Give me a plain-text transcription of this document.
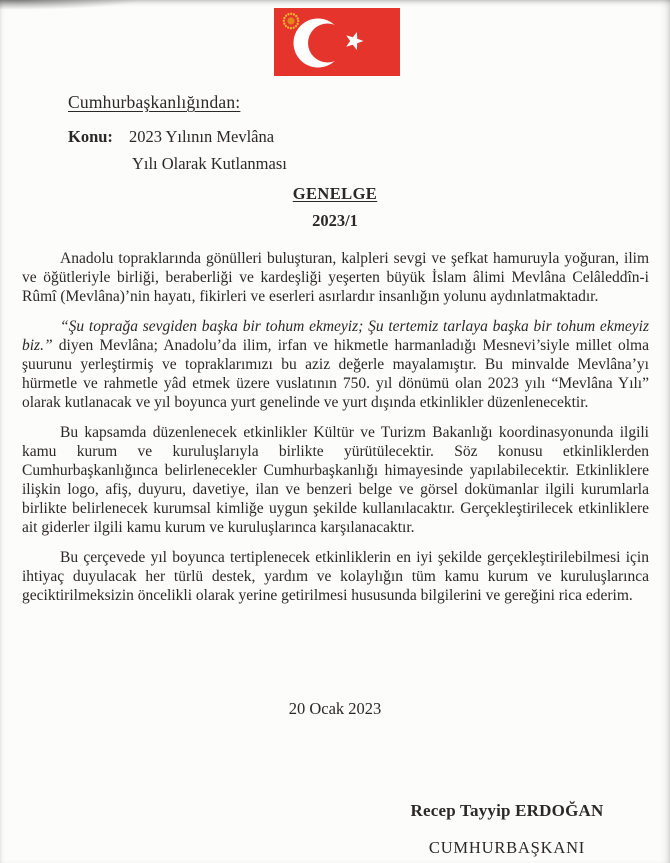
Cumhurbaşkanlığından:
Konu: 2023 Yılının Mevlâna
Yılı Olarak Kutlanması
GENELGE
2023/1

Anadolu topraklarında gönülleri buluşturan, kalpleri sevgi ve şefkat hamuruyla yoğuran, ilim ve öğütleriyle birliği, beraberliği ve kardeşliği yeşerten büyük İslam âlimi Mevlâna Celâleddîn-i Rûmî (Mevlâna)’nin hayatı, fikirleri ve eserleri asırlardır insanlığın yolunu aydınlatmaktadır.

“Şu toprağa sevgiden başka bir tohum ekmeyiz; Şu tertemiz tarlaya başka bir tohum ekmeyiz biz.” diyen Mevlâna; Anadolu’da ilim, irfan ve hikmetle harmanladığı Mesnevi’siyle millet olma şuurunu yerleştirmiş ve topraklarımızı bu aziz değerle mayalamıştır. Bu minvalde Mevlâna’yı hürmetle ve rahmetle yâd etmek üzere vuslatının 750. yıl dönümü olan 2023 yılı “Mevlâna Yılı” olarak kutlanacak ve yıl boyunca yurt genelinde ve yurt dışında etkinlikler düzenlenecektir.

Bu kapsamda düzenlenecek etkinlikler Kültür ve Turizm Bakanlığı koordinasyonunda ilgili kamu kurum ve kuruluşlarıyla birlikte yürütülecektir. Söz konusu etkinliklerden Cumhurbaşkanlığınca belirlenecekler Cumhurbaşkanlığı himayesinde yapılabilecektir. Etkinliklere ilişkin logo, afiş, duyuru, davetiye, ilan ve benzeri belge ve görsel dokümanlar ilgili kurumlarla birlikte belirlenecek kurumsal kimliğe uygun şekilde kullanılacaktır. Gerçekleştirilecek etkinliklere ait giderler ilgili kamu kurum ve kuruluşlarınca karşılanacaktır.

Bu çerçevede yıl boyunca tertiplenecek etkinliklerin en iyi şekilde gerçekleştirilebilmesi için ihtiyaç duyulacak her türlü destek, yardım ve kolaylığın tüm kamu kurum ve kuruluşlarınca geciktirilmeksizin öncelikli olarak yerine getirilmesi hususunda bilgilerini ve gereğini rica ederim.

20 Ocak 2023
Recep Tayyip ERDOĞAN
CUMHURBAŞKANI
